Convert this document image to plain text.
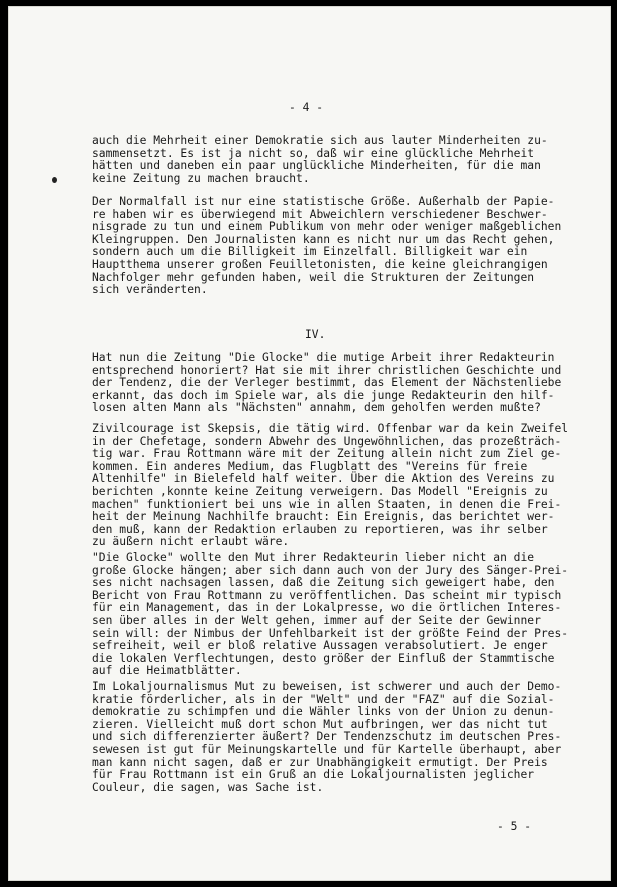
- 4 -

auch die Mehrheit einer Demokratie sich aus lauter Minderheiten zu-
sammensetzt. Es ist ja nicht so, daß wir eine glückliche Mehrheit
hätten und daneben ein paar unglückliche Minderheiten, für die man
keine Zeitung zu machen braucht.

Der Normalfall ist nur eine statistische Größe. Außerhalb der Papie-
re haben wir es überwiegend mit Abweichlern verschiedener Beschwer-
nisgrade zu tun und einem Publikum von mehr oder weniger maßgeblichen
Kleingruppen. Den Journalisten kann es nicht nur um das Recht gehen,
sondern auch um die Billigkeit im Einzelfall. Billigkeit war ein
Hauptthema unserer großen Feuilletonisten, die keine gleichrangigen
Nachfolger mehr gefunden haben, weil die Strukturen der Zeitungen
sich veränderten.

IV.

Hat nun die Zeitung "Die Glocke" die mutige Arbeit ihrer Redakteurin
entsprechend honoriert? Hat sie mit ihrer christlichen Geschichte und
der Tendenz, die der Verleger bestimmt, das Element der Nächstenliebe
erkannt, das doch im Spiele war, als die junge Redakteurin den hilf-
losen alten Mann als "Nächsten" annahm, dem geholfen werden mußte?

Zivilcourage ist Skepsis, die tätig wird. Offenbar war da kein Zweifel
in der Chefetage, sondern Abwehr des Ungewöhnlichen, das prozeßträch-
tig war. Frau Rottmann wäre mit der Zeitung allein nicht zum Ziel ge-
kommen. Ein anderes Medium, das Flugblatt des "Vereins für freie
Altenhilfe" in Bielefeld half weiter. Über die Aktion des Vereins zu
berichten ,konnte keine Zeitung verweigern. Das Modell "Ereignis zu
machen" funktioniert bei uns wie in allen Staaten, in denen die Frei-
heit der Meinung Nachhilfe braucht: Ein Ereignis, das berichtet wer-
den muß, kann der Redaktion erlauben zu reportieren, was ihr selber
zu äußern nicht erlaubt wäre.

"Die Glocke" wollte den Mut ihrer Redakteurin lieber nicht an die
große Glocke hängen; aber sich dann auch von der Jury des Sänger-Prei-
ses nicht nachsagen lassen, daß die Zeitung sich geweigert habe, den
Bericht von Frau Rottmann zu veröffentlichen. Das scheint mir typisch
für ein Management, das in der Lokalpresse, wo die örtlichen Interes-
sen über alles in der Welt gehen, immer auf der Seite der Gewinner
sein will: der Nimbus der Unfehlbarkeit ist der größte Feind der Pres-
sefreiheit, weil er bloß relative Aussagen verabsolutiert. Je enger
die lokalen Verflechtungen, desto größer der Einfluß der Stammtische
auf die Heimatblätter.

Im Lokaljournalismus Mut zu beweisen, ist schwerer und auch der Demo-
kratie förderlicher, als in der "Welt" und der "FAZ" auf die Sozial-
demokratie zu schimpfen und die Wähler links von der Union zu denun-
zieren. Vielleicht muß dort schon Mut aufbringen, wer das nicht tut
und sich differenzierter äußert? Der Tendenzschutz im deutschen Pres-
sewesen ist gut für Meinungskartelle und für Kartelle überhaupt, aber
man kann nicht sagen, daß er zur Unabhängigkeit ermutigt. Der Preis
für Frau Rottmann ist ein Gruß an die Lokaljournalisten jeglicher
Couleur, die sagen, was Sache ist.

- 5 -
